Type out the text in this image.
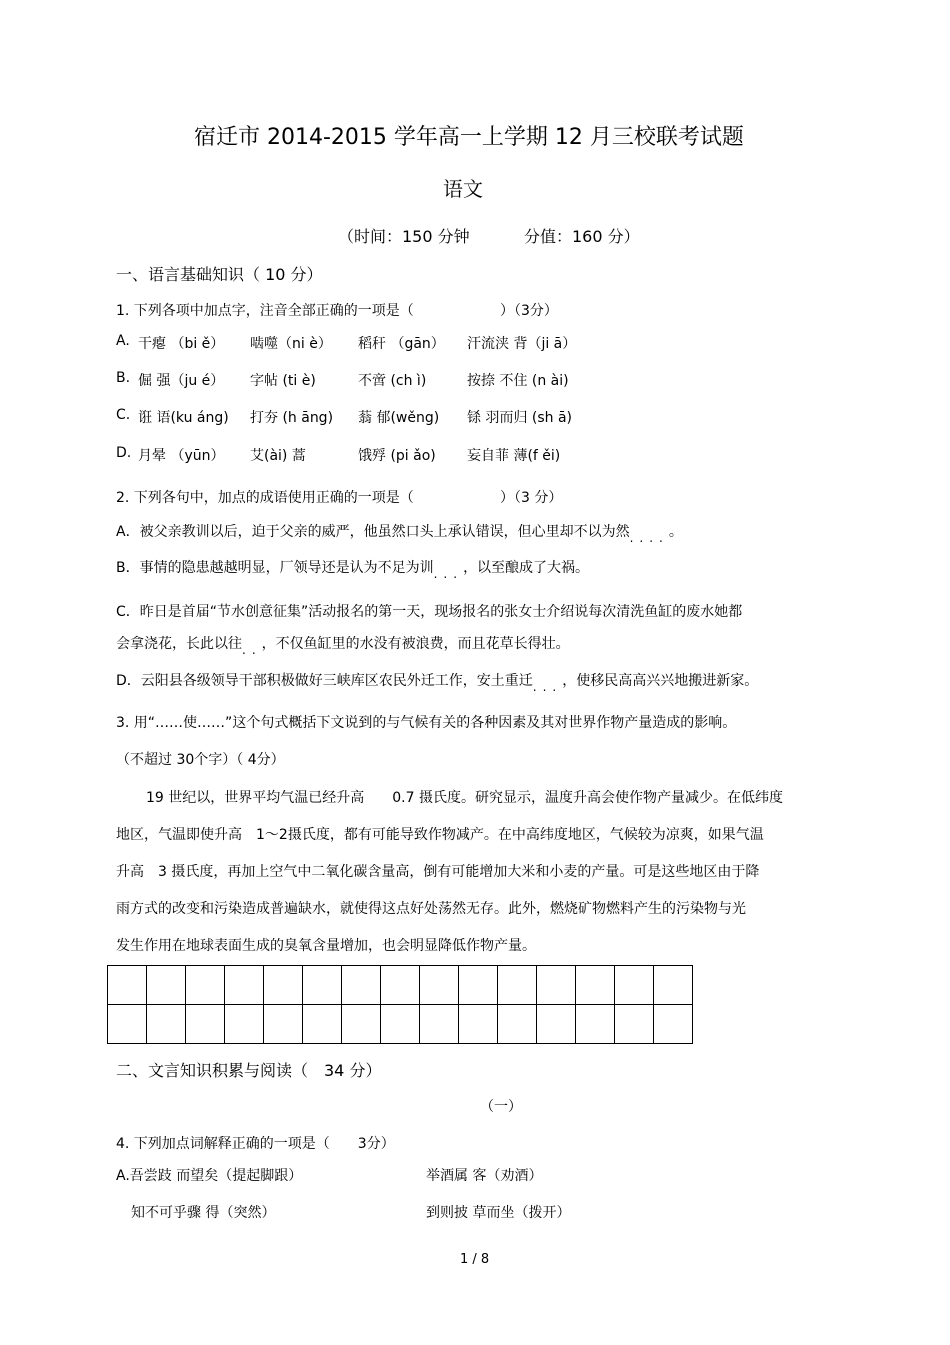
宿迁市 2014-2015 学年高一上学期 12 月三校联考试题
语文
（时间：150 分钟	分值：160 分）
一、语言基础知识（ 10 分）
1. 下列各项中加点字，注音全部正确的一项是（	）（3分）
A. 干瘪 （bi ě） 啮噬（ni è） 稻秆 （gān） 汗流浃 背（ji ā）
B. 倔 强（ju é） 字帖 (ti è)	不啻 (ch ì)	按捺 不住 (n ài)
C. 诳 语(ku áng) 打夯 (h āng) 蓊 郁(wěng) 铩 羽而归 (sh ā)
D. 月晕 （yūn） 艾(ài) 蒿	饿殍 (pi ǎo) 妄自菲 薄(f ěi)
2. 下列各句中，加点的成语使用正确的一项是（	）（3 分）
A．被父亲教训以后，迫于父亲的威严，他虽然口头上承认错误，但心里却不以为然....。
B．事情的隐患越越明显，厂领导还是认为不足为训...，以至酿成了大祸。
C．昨日是首届“节水创意征集”活动报名的第一天，现场报名的张女士介绍说每次清洗鱼缸的废水她都
会拿浇花，长此以往..，不仅鱼缸里的水没有被浪费，而且花草长得壮。
D．云阳县各级领导干部积极做好三峡库区农民外迁工作，安土重迁...，使移民高高兴兴地搬进新家。
3. 用“……使……”这个句式概括下文说到的与气候有关的各种因素及其对世界作物产量造成的影响。
（不超过 30个字）（ 4分）
19 世纪以，世界平均气温已经升高　　0.7 摄氏度。研究显示，温度升高会使作物产量减少。在低纬度
地区，气温即使升高　1～2摄氏度，都有可能导致作物减产。在中高纬度地区，气候较为凉爽，如果气温
升高　3 摄氏度，再加上空气中二氧化碳含量高，倒有可能增加大米和小麦的产量。可是这些地区由于降
雨方式的改变和污染造成普遍缺水，就使得这点好处荡然无存。此外，燃烧矿物燃料产生的污染物与光
发生作用在地球表面生成的臭氧含量增加，也会明显降低作物产量。

二、文言知识积累与阅读（　34 分）
（一）
4. 下列加点词解释正确的一项是（　　3分）
A.吾尝跂 而望矣（提起脚跟）	举酒属 客（劝酒）
知不可乎骤 得（突然）	到则披 草而坐（拨开）
1 / 8
